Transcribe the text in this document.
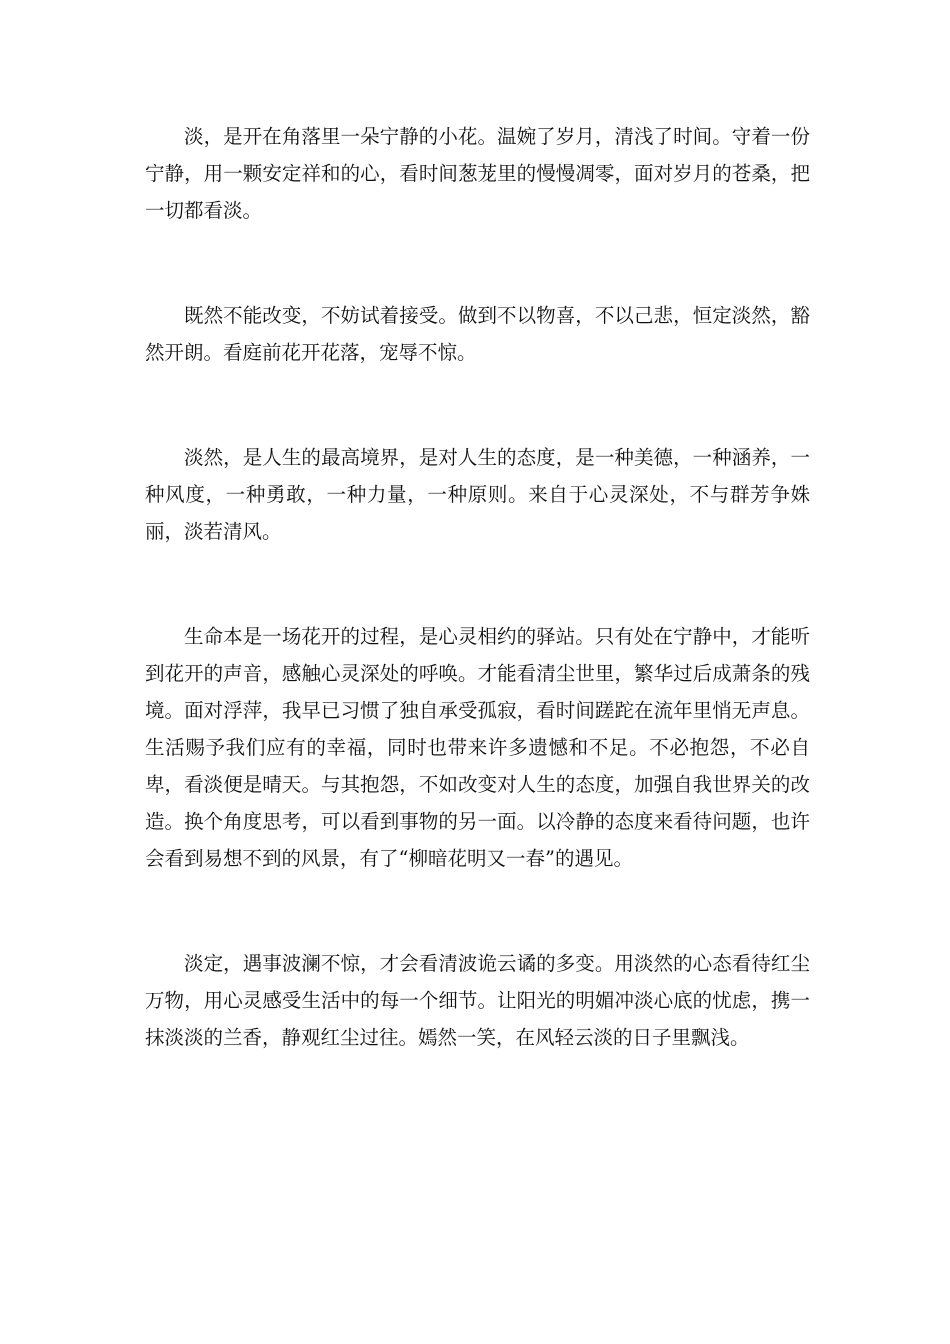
淡，是开在角落里一朵宁静的小花。温婉了岁月，清浅了时间。守着一份宁静，用一颗安定祥和的心，看时间葱茏里的慢慢凋零，面对岁月的苍桑，把一切都看淡。

既然不能改变，不妨试着接受。做到不以物喜，不以己悲，恒定淡然，豁然开朗。看庭前花开花落，宠辱不惊。

淡然，是人生的最高境界，是对人生的态度，是一种美德，一种涵养，一种风度，一种勇敢，一种力量，一种原则。来自于心灵深处，不与群芳争姝丽，淡若清风。

生命本是一场花开的过程，是心灵相约的驿站。只有处在宁静中，才能听到花开的声音，感触心灵深处的呼唤。才能看清尘世里，繁华过后成萧条的残境。面对浮萍，我早已习惯了独自承受孤寂，看时间蹉跎在流年里悄无声息。生活赐予我们应有的幸福，同时也带来许多遗憾和不足。不必抱怨，不必自卑，看淡便是晴天。与其抱怨，不如改变对人生的态度，加强自我世界关的改造。换个角度思考，可以看到事物的另一面。以冷静的态度来看待问题，也许会看到易想不到的风景，有了“柳暗花明又一春”的遇见。

淡定，遇事波澜不惊，才会看清波诡云谲的多变。用淡然的心态看待红尘万物，用心灵感受生活中的每一个细节。让阳光的明媚冲淡心底的忧虑，携一抹淡淡的兰香，静观红尘过往。嫣然一笑，在风轻云淡的日子里飘浅。
